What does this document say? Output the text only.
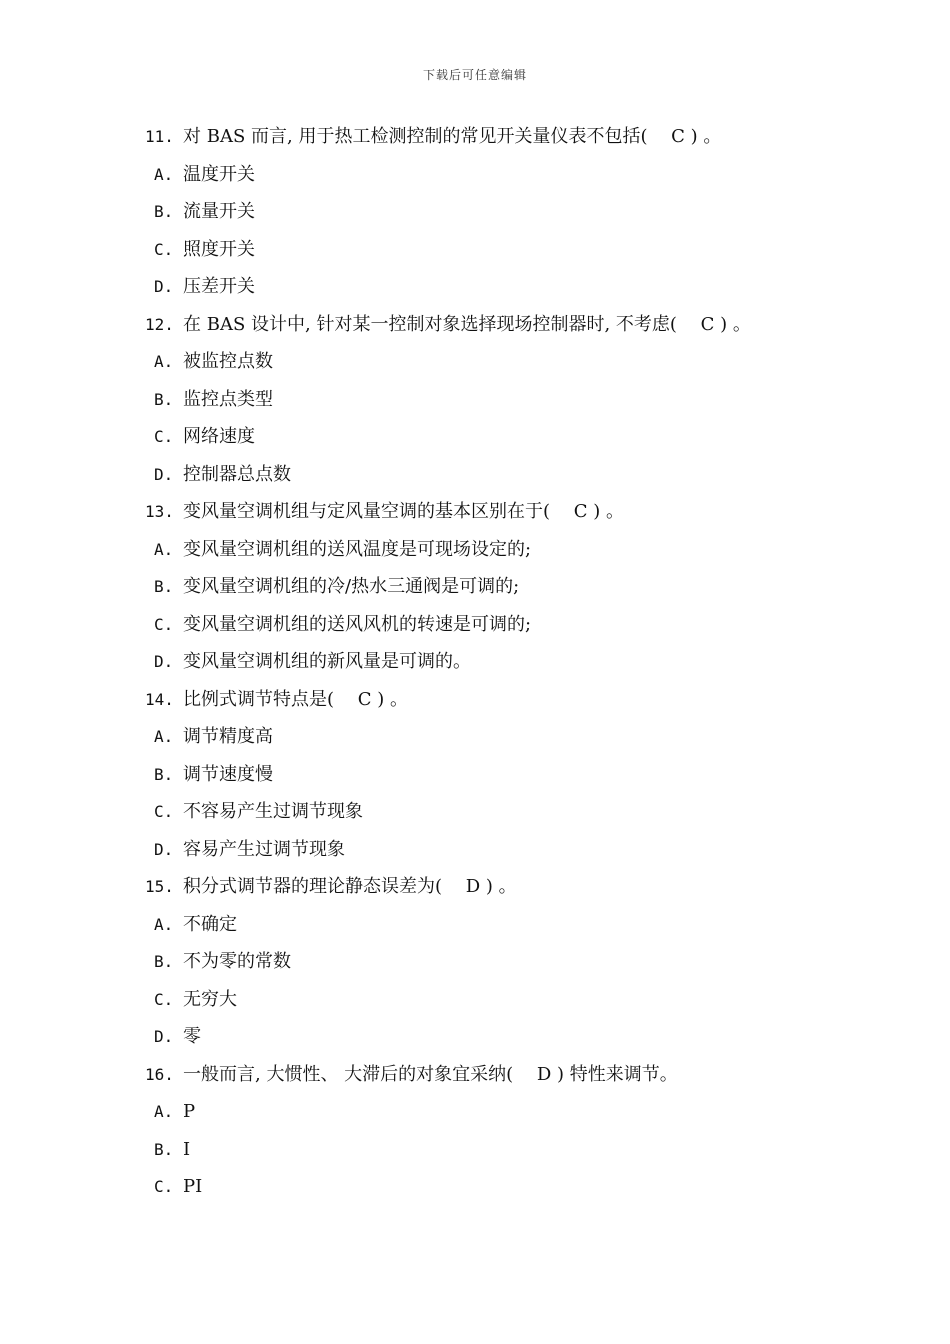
下载后可任意编辑
11. 对 BAS 而言, 用于热工检测控制的常见开关量仪表不包括(　 C ) 。
A. 温度开关
B. 流量开关
C. 照度开关
D. 压差开关
12. 在 BAS 设计中, 针对某一控制对象选择现场控制器时, 不考虑(　 C ) 。
A. 被监控点数
B. 监控点类型
C. 网络速度
D. 控制器总点数
13. 变风量空调机组与定风量空调的基本区别在于(　 C ) 。
A. 变风量空调机组的送风温度是可现场设定的;
B. 变风量空调机组的冷/热水三通阀是可调的;
C. 变风量空调机组的送风风机的转速是可调的;
D. 变风量空调机组的新风量是可调的。
14. 比例式调节特点是(　 C ) 。
A. 调节精度高
B. 调节速度慢
C. 不容易产生过调节现象
D. 容易产生过调节现象
15. 积分式调节器的理论静态误差为(　 D ) 。
A. 不确定
B. 不为零的常数
C. 无穷大
D. 零
16. 一般而言, 大惯性、 大滞后的对象宜采纳(　 D ) 特性来调节。
A. P
B. I
C. PI
